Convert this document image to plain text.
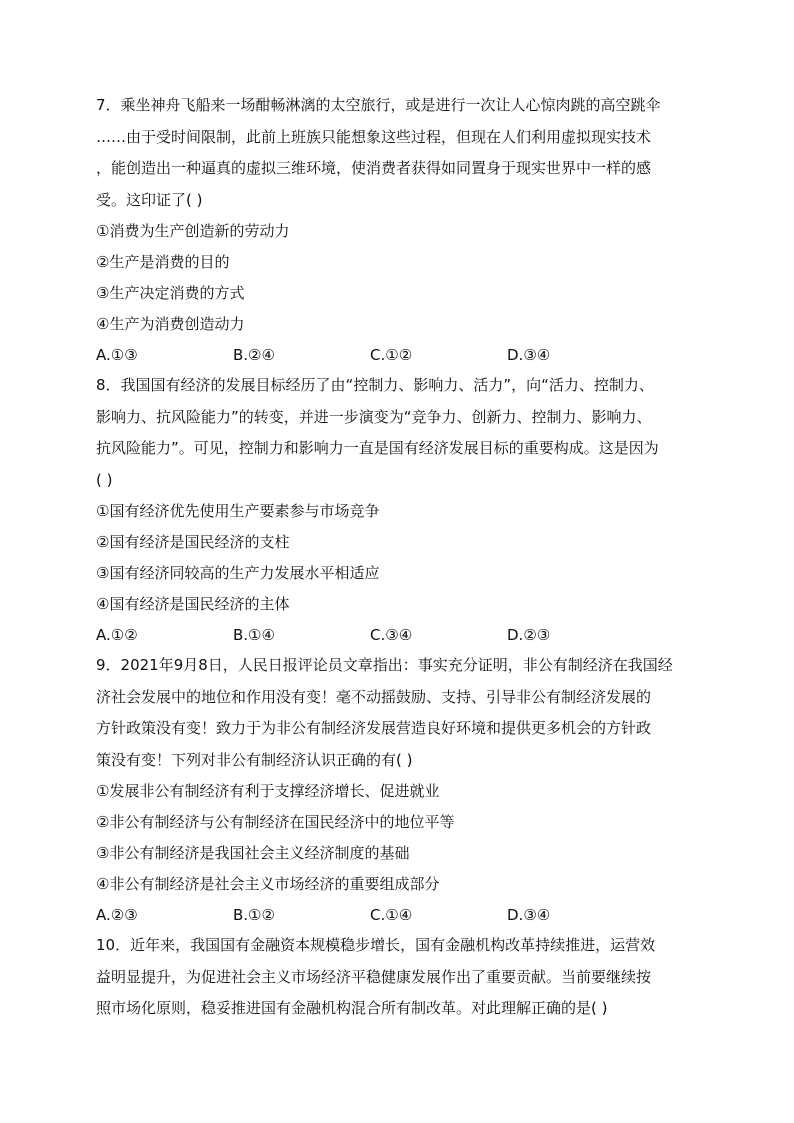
7．乘坐神舟飞船来一场酣畅淋漓的太空旅行，或是进行一次让人心惊肉跳的高空跳伞
……由于受时间限制，此前上班族只能想象这些过程，但现在人们利用虚拟现实技术
，能创造出一种逼真的虚拟三维环境，使消费者获得如同置身于现实世界中一样的感
受。这印证了( )

①消费为生产创造新的劳动力

②生产是消费的目的

③生产决定消费的方式

④生产为消费创造动力

A.①③	B.②④	C.①②	D.③④

8．我国国有经济的发展目标经历了由“控制力、影响力、活力”，向“活力、控制力、
影响力、抗风险能力”的转变，并进一步演变为“竞争力、创新力、控制力、影响力、
抗风险能力”。可见，控制力和影响力一直是国有经济发展目标的重要构成。这是因为
( )

①国有经济优先使用生产要素参与市场竞争

②国有经济是国民经济的支柱

③国有经济同较高的生产力发展水平相适应

④国有经济是国民经济的主体

A.①②	B.①④	C.③④	D.②③

9．2021年9月8日，人民日报评论员文章指出：事实充分证明，非公有制经济在我国经
济社会发展中的地位和作用没有变！毫不动摇鼓励、支持、引导非公有制经济发展的
方针政策没有变！致力于为非公有制经济发展营造良好环境和提供更多机会的方针政
策没有变！下列对非公有制经济认识正确的有( )

①发展非公有制经济有利于支撑经济增长、促进就业

②非公有制经济与公有制经济在国民经济中的地位平等

③非公有制经济是我国社会主义经济制度的基础

④非公有制经济是社会主义市场经济的重要组成部分

A.②③	B.①②	C.①④	D.③④

10．近年来，我国国有金融资本规模稳步增长，国有金融机构改革持续推进，运营效
益明显提升，为促进社会主义市场经济平稳健康发展作出了重要贡献。当前要继续按
照市场化原则，稳妥推进国有金融机构混合所有制改革。对此理解正确的是( )
